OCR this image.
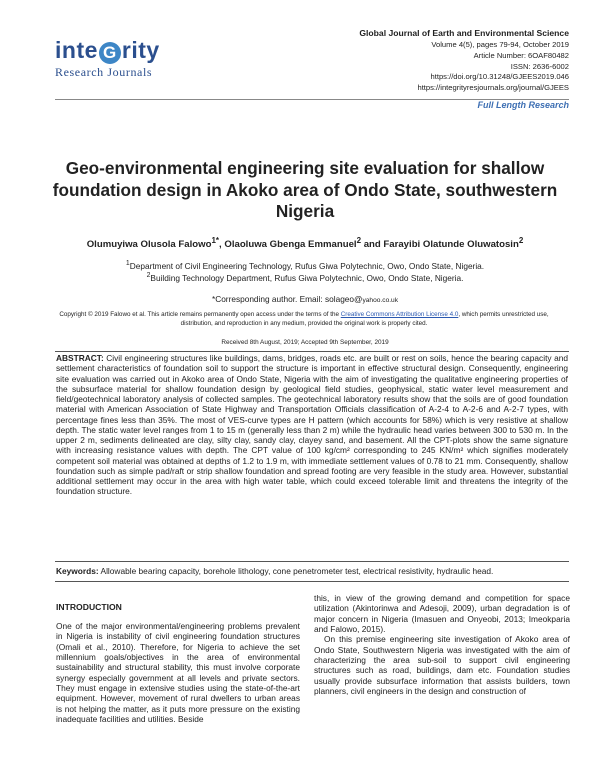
inte G rity
Research Journals
Global Journal of Earth and Environmental Science
Volume 4(5), pages 79-94, October 2019
Article Number: 6OAF80482
ISSN: 2636-6002
https://doi.org/10.31248/GJEES2019.046
https://integrityresjournals.org/journal/GJEES
Full Length Research
Geo-environmental engineering site evaluation for shallow foundation design in Akoko area of Ondo State, southwestern Nigeria
Olumuyiwa Olusola Falowo$^{1*}$, Olaoluwa Gbenga Emmanuel$^2$ and Farayibi Olatunde Oluwatosin$^2$
$^1$Department of Civil Engineering Technology, Rufus Giwa Polytechnic, Owo, Ondo State, Nigeria.
$^2$Building Technology Department, Rufus Giwa Polytechnic, Owo, Ondo State, Nigeria.
*Corresponding author. Email: solageo@yahoo.co.uk
Copyright © 2019 Falowo et al. This article remains permanently open access under the terms of the Creative Commons Attribution License 4.0, which permits unrestricted use, distribution, and reproduction in any medium, provided the original work is properly cited.
Received 8th August, 2019; Accepted 9th September, 2019
ABSTRACT: Civil engineering structures like buildings, dams, bridges, roads etc. are built or rest on soils, hence the bearing capacity and settlement characteristics of foundation soil to support the structure is important in effective structural design. Consequently, engineering site evaluation was carried out in Akoko area of Ondo State, Nigeria with the aim of investigating the qualitative engineering properties of the subsurface material for shallow foundation design by geological field studies, geophysical, static water level measurement and field/geotechnical laboratory analysis of collected samples. The geotechnical laboratory results show that the soils are of good foundation material with American Association of State Highway and Transportation Officials classification of A-2-4 to A-2-6 and A-2-7 types, with percentage fines less than 35%. The most of VES-curve types are H pattern (which accounts for 58%) which is very resistive at shallow depth. The static water level ranges from 1 to 15 m (generally less than 2 m) while the hydraulic head varies between 300 to 530 m. In the upper 2 m, sediments delineated are clay, silty clay, sandy clay, clayey sand, and basement. All the CPT-plots show the same signature with increasing resistance values with depth. The CPT value of 100 kg/cm² corresponding to 245 KN/m² which signifies moderately competent soil material was obtained at depths of 1.2 to 1.9 m, with immediate settlement values of 0.78 to 21 mm. Consequently, shallow foundation such as simple pad/raft or strip shallow foundation and spread footing are very feasible in the study area. However, substantial additional settlement may occur in the area with high water table, which could exceed tolerable limit and threatens the integrity of the foundation structure.
Keywords: Allowable bearing capacity, borehole lithology, cone penetrometer test, electrical resistivity, hydraulic head.
INTRODUCTION

One of the major environmental/engineering problems prevalent in Nigeria is instability of civil engineering foundation structures (Omali et al., 2010). Therefore, for Nigeria to achieve the set millennium goals/objectives in the area of environmental sustainability and structural stability, this must involve corporate synergy especially government at all levels and private sectors. They must engage in extensive studies using the state-of-the-art equipment. However, movement of rural dwellers to urban areas is not helping the matter, as it puts more pressure on the existing inadequate facilities and utilities. Beside

this, in view of the growing demand and competition for space utilization (Akintorinwa and Adesoji, 2009), urban degradation is of major concern in Nigeria (Imasuen and Onyeobi, 2013; Imeokparia and Falowo, 2015).

On this premise engineering site investigation of Akoko area of Ondo State, Southwestern Nigeria was investigated with the aim of characterizing the area sub-soil to support civil engineering structures such as road, buildings, dam etc. Foundation studies usually provide subsurface information that assists builders, town planners, civil engineers in the design and construction of
